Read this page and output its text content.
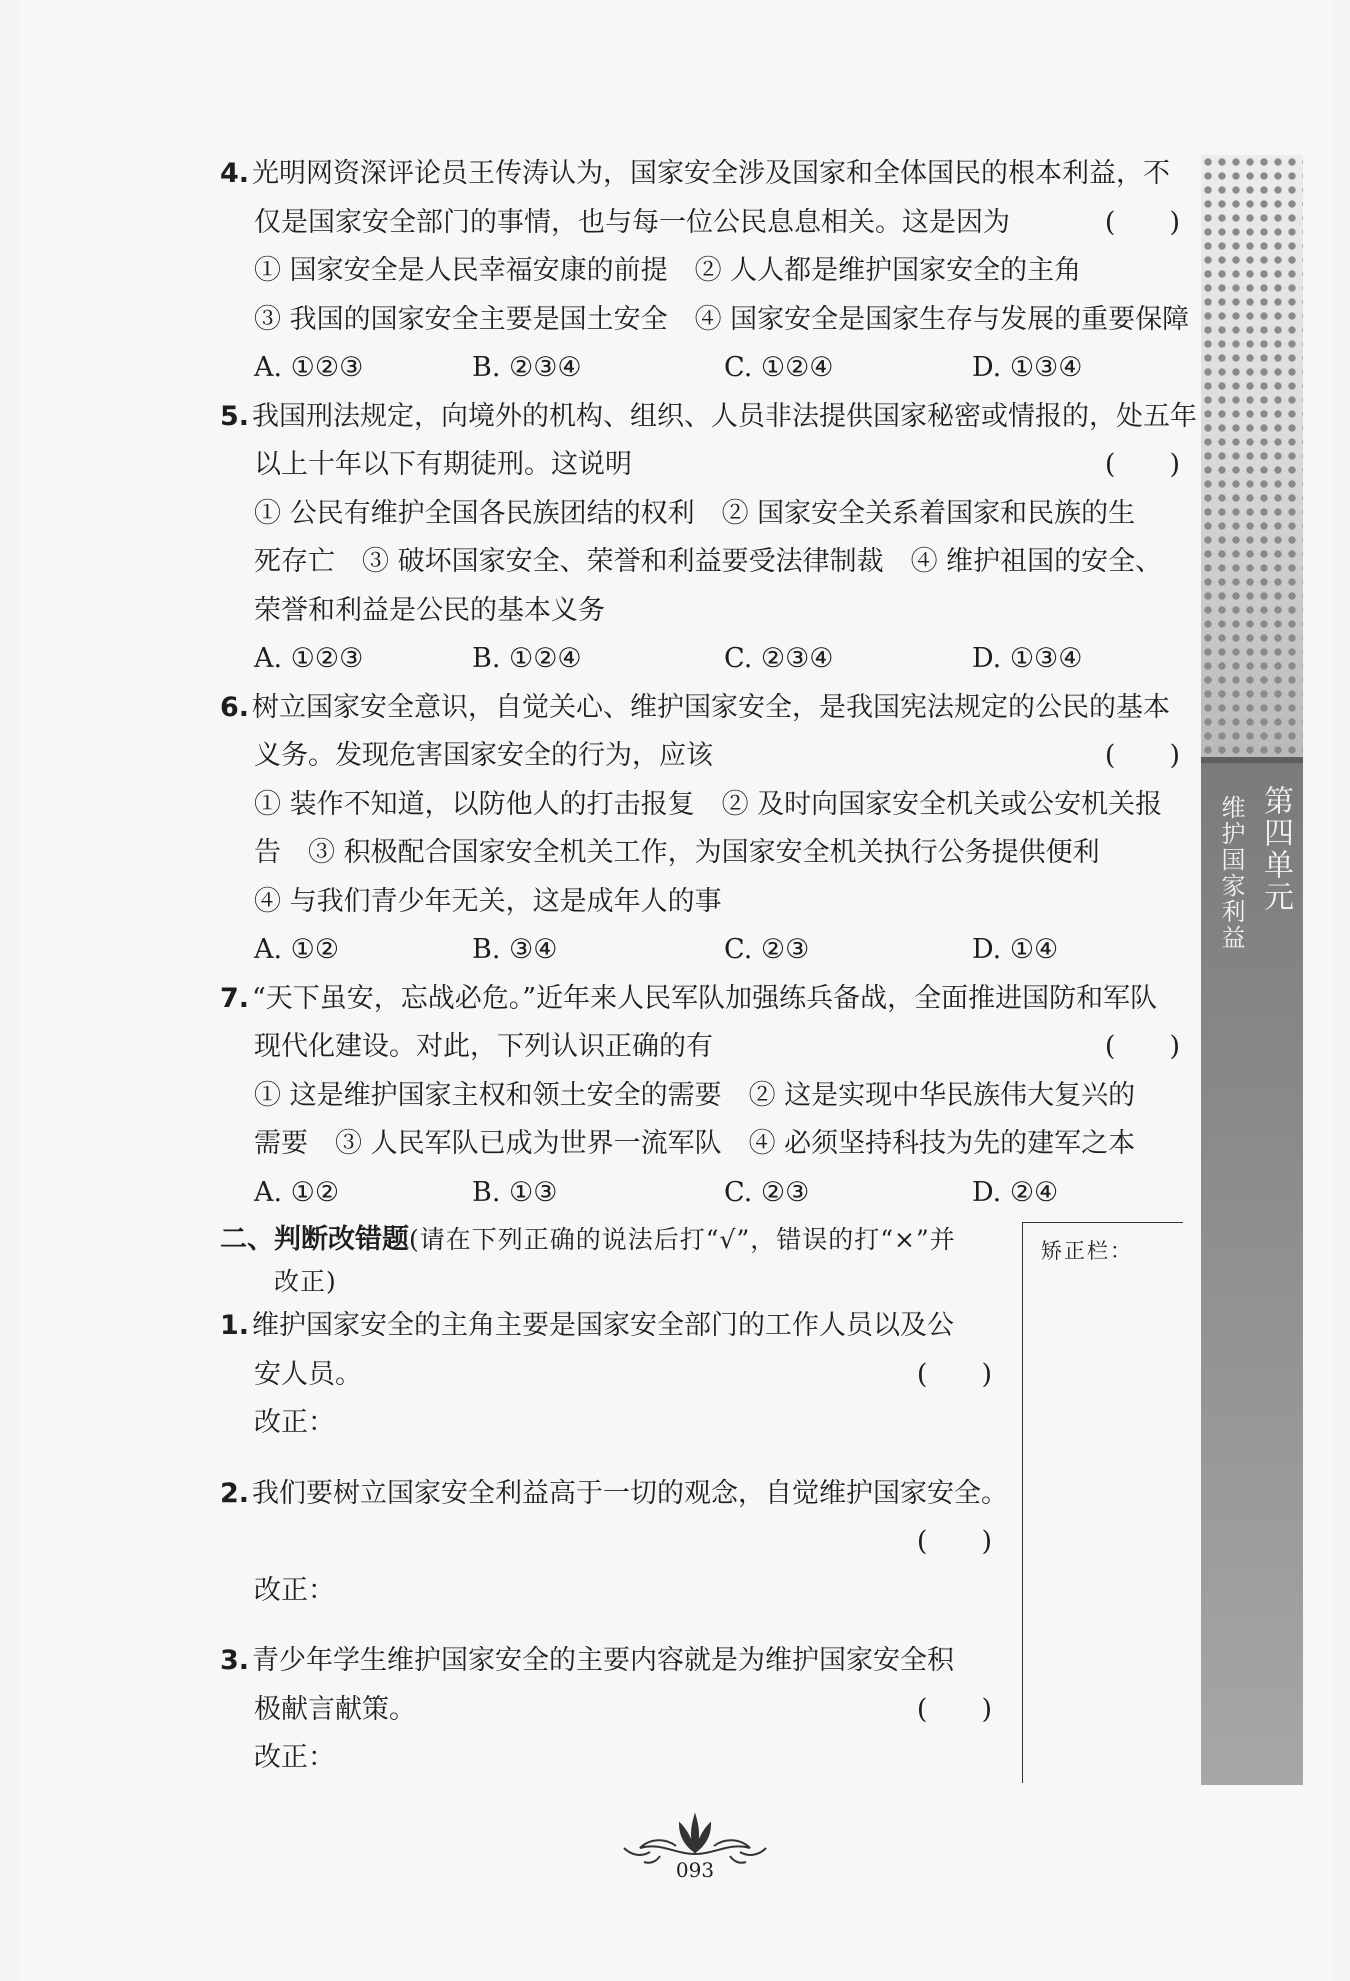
4. 光明网资深评论员王传涛认为，国家安全涉及国家和全体国民的根本利益，不
仅是国家安全部门的事情，也与每一位公民息息相关。这是因为	(　　)
① 国家安全是人民幸福安康的前提　② 人人都是维护国家安全的主角
③ 我国的国家安全主要是国土安全　④ 国家安全是国家生存与发展的重要保障
A. ①②③	B. ②③④	C. ①②④	D. ①③④
5. 我国刑法规定，向境外的机构、组织、人员非法提供国家秘密或情报的，处五年
以上十年以下有期徒刑。这说明	(　　)
① 公民有维护全国各民族团结的权利　② 国家安全关系着国家和民族的生
死存亡　③ 破坏国家安全、荣誉和利益要受法律制裁　④ 维护祖国的安全、
荣誉和利益是公民的基本义务
A. ①②③	B. ①②④	C. ②③④	D. ①③④
6. 树立国家安全意识，自觉关心、维护国家安全，是我国宪法规定的公民的基本
义务。发现危害国家安全的行为，应该	(　　)
① 装作不知道，以防他人的打击报复　② 及时向国家安全机关或公安机关报
告　③ 积极配合国家安全机关工作，为国家安全机关执行公务提供便利
④ 与我们青少年无关，这是成年人的事
A. ①②	B. ③④	C. ②③	D. ①④
7. “天下虽安，忘战必危。”近年来人民军队加强练兵备战，全面推进国防和军队
现代化建设。对此，下列认识正确的有	(　　)
① 这是维护国家主权和领土安全的需要　② 这是实现中华民族伟大复兴的
需要　③ 人民军队已成为世界一流军队　④ 必须坚持科技为先的建军之本
A. ①②	B. ①③	C. ②③	D. ②④
二、判断改错题(请在下列正确的说法后打“√”，错误的打“×”并
改正)
1. 维护国家安全的主角主要是国家安全部门的工作人员以及公
安人员。	(　　)
改正：
2. 我们要树立国家安全利益高于一切的观念，自觉维护国家安全。
(　　)
改正：
3. 青少年学生维护国家安全的主要内容就是为维护国家安全积
极献言献策。	(　　)
改正：
矫正栏：
第四单元
维护国家利益
093
